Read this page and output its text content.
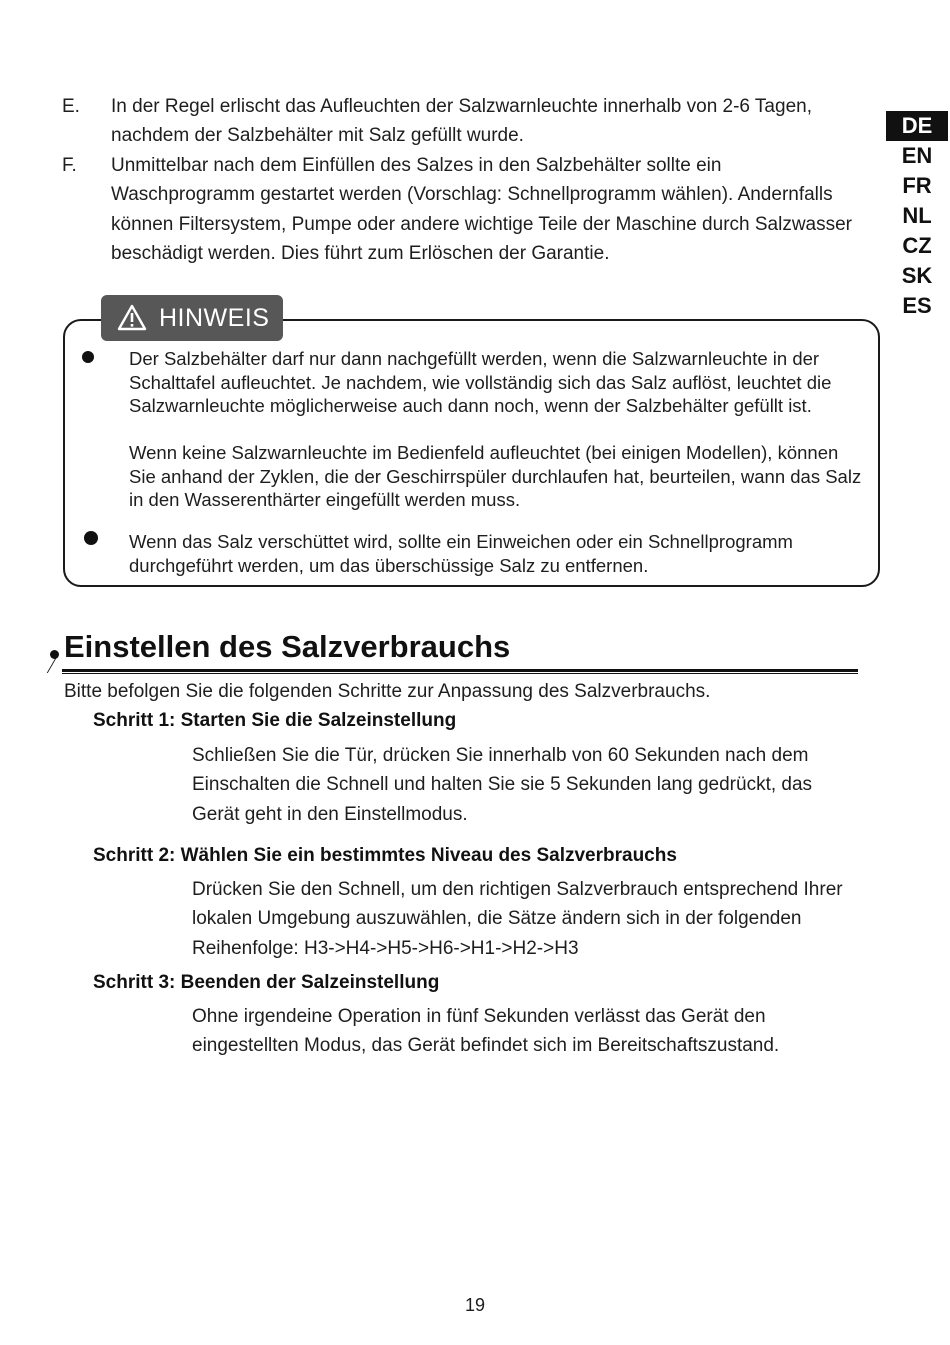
DE
EN
FR
NL
CZ
SK
ES
E. In der Regel erlischt das Aufleuchten der Salzwarnleuchte innerhalb von 2-6 Tagen, nachdem der Salzbehälter mit Salz gefüllt wurde.
F. Unmittelbar nach dem Einfüllen des Salzes in den Salzbehälter sollte ein Waschprogramm gestartet werden (Vorschlag: Schnellprogramm wählen). Andernfalls können Filtersystem, Pumpe oder andere wichtige Teile der Maschine durch Salzwasser beschädigt werden. Dies führt zum Erlöschen der Garantie.
HINWEIS
Der Salzbehälter darf nur dann nachgefüllt werden, wenn die Salzwarnleuchte in der Schalttafel aufleuchtet. Je nachdem, wie vollständig sich das Salz auflöst, leuchtet die Salzwarnleuchte möglicherweise auch dann noch, wenn der Salzbehälter gefüllt ist.
Wenn keine Salzwarnleuchte im Bedienfeld aufleuchtet (bei einigen Modellen), können Sie anhand der Zyklen, die der Geschirrspüler durchlaufen hat, beurteilen, wann das Salz in den Wasserenthärter eingefüllt werden muss.
Wenn das Salz verschüttet wird, sollte ein Einweichen oder ein Schnellprogramm durchgeführt werden, um das überschüssige Salz zu entfernen.
Einstellen des Salzverbrauchs
Bitte befolgen Sie die folgenden Schritte zur Anpassung des Salzverbrauchs.
Schritt 1: Starten Sie die Salzeinstellung
Schließen Sie die Tür, drücken Sie innerhalb von 60 Sekunden nach dem Einschalten die Schnell und halten Sie sie 5 Sekunden lang gedrückt, das Gerät geht in den Einstellmodus.
Schritt 2: Wählen Sie ein bestimmtes Niveau des Salzverbrauchs
Drücken Sie den Schnell, um den richtigen Salzverbrauch entsprechend Ihrer lokalen Umgebung auszuwählen, die Sätze ändern sich in der folgenden Reihenfolge: H3->H4->H5->H6->H1->H2->H3
Schritt 3: Beenden der Salzeinstellung
Ohne irgendeine Operation in fünf Sekunden verlässt das Gerät den eingestellten Modus, das Gerät befindet sich im Bereitschaftszustand.
19
